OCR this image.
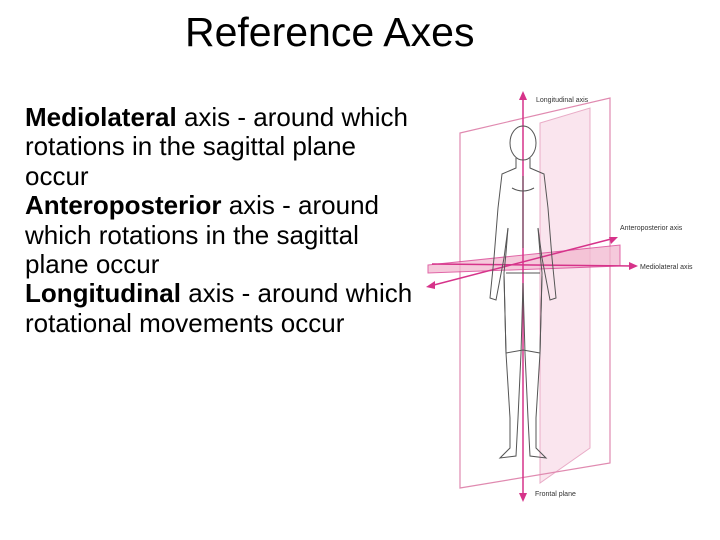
Reference Axes

Mediolateral axis - around which rotations in the sagittal plane occur

Anteroposterior axis - around which rotations in the sagittal plane occur

Longitudinal axis - around which rotational movements occur

Longitudinal axis
Anteroposterior axis
Mediolateral axis
Frontal plane
